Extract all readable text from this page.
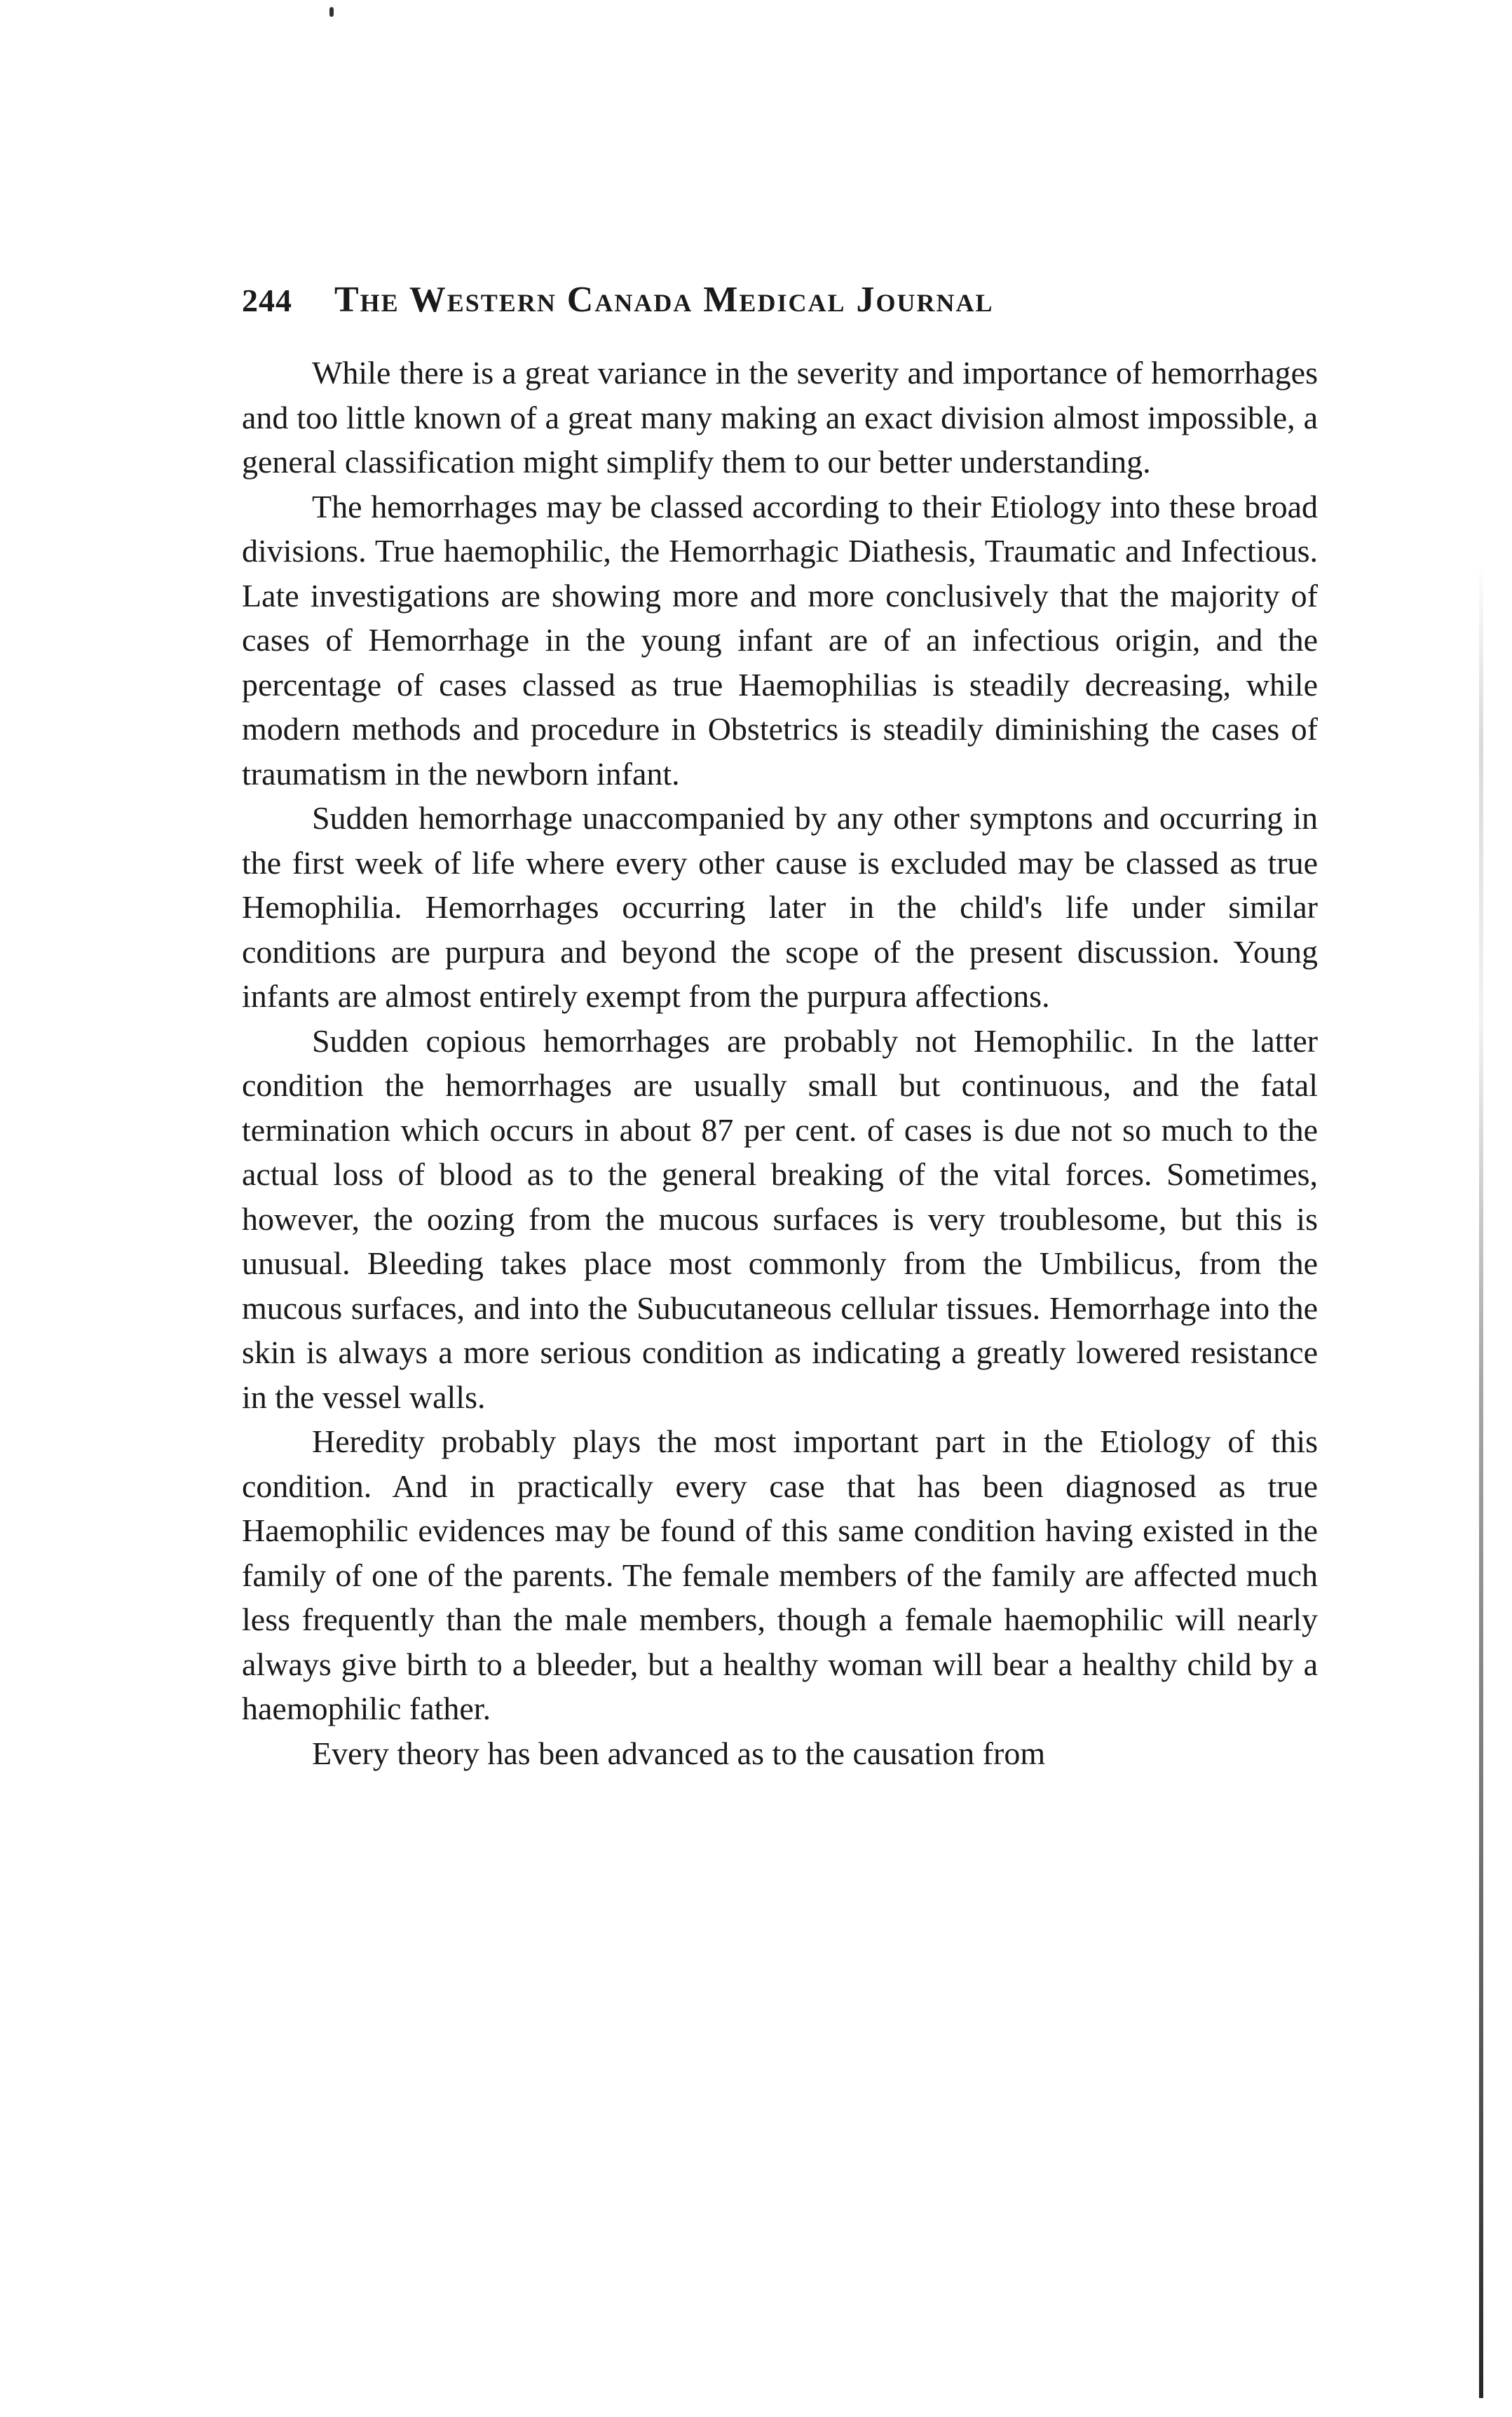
244 The Western Canada Medical Journal

While there is a great variance in the severity and importance of hemorrhages and too little known of a great many making an exact division almost impossible, a general classification might simplify them to our better understanding.

The hemorrhages may be classed according to their Etiology into these broad divisions. True haemophilic, the Hemorrhagic Diathesis, Traumatic and Infectious. Late investigations are showing more and more conclusively that the majority of cases of Hemorrhage in the young infant are of an infectious origin, and the percentage of cases classed as true Haemophilias is steadily decreasing, while modern methods and procedure in Obstetrics is steadily diminishing the cases of traumatism in the newborn infant.

Sudden hemorrhage unaccompanied by any other symptons and occurring in the first week of life where every other cause is excluded may be classed as true Hemophilia. Hemorrhages occurring later in the child's life under similar conditions are purpura and beyond the scope of the present discussion. Young infants are almost entirely exempt from the purpura affections.

Sudden copious hemorrhages are probably not Hemophilic. In the latter condition the hemorrhages are usually small but continuous, and the fatal termination which occurs in about 87 per cent. of cases is due not so much to the actual loss of blood as to the general breaking of the vital forces. Sometimes, however, the oozing from the mucous surfaces is very troublesome, but this is unusual. Bleeding takes place most commonly from the Umbilicus, from the mucous surfaces, and into the Subucutaneous cellular tissues. Hemorrhage into the skin is always a more serious condition as indicating a greatly lowered resistance in the vessel walls.

Heredity probably plays the most important part in the Etiology of this condition. And in practically every case that has been diagnosed as true Haemophilic evidences may be found of this same condition having existed in the family of one of the parents. The female members of the family are affected much less frequently than the male members, though a female haemophilic will nearly always give birth to a bleeder, but a healthy woman will bear a healthy child by a haemophilic father.

Every theory has been advanced as to the causation from
